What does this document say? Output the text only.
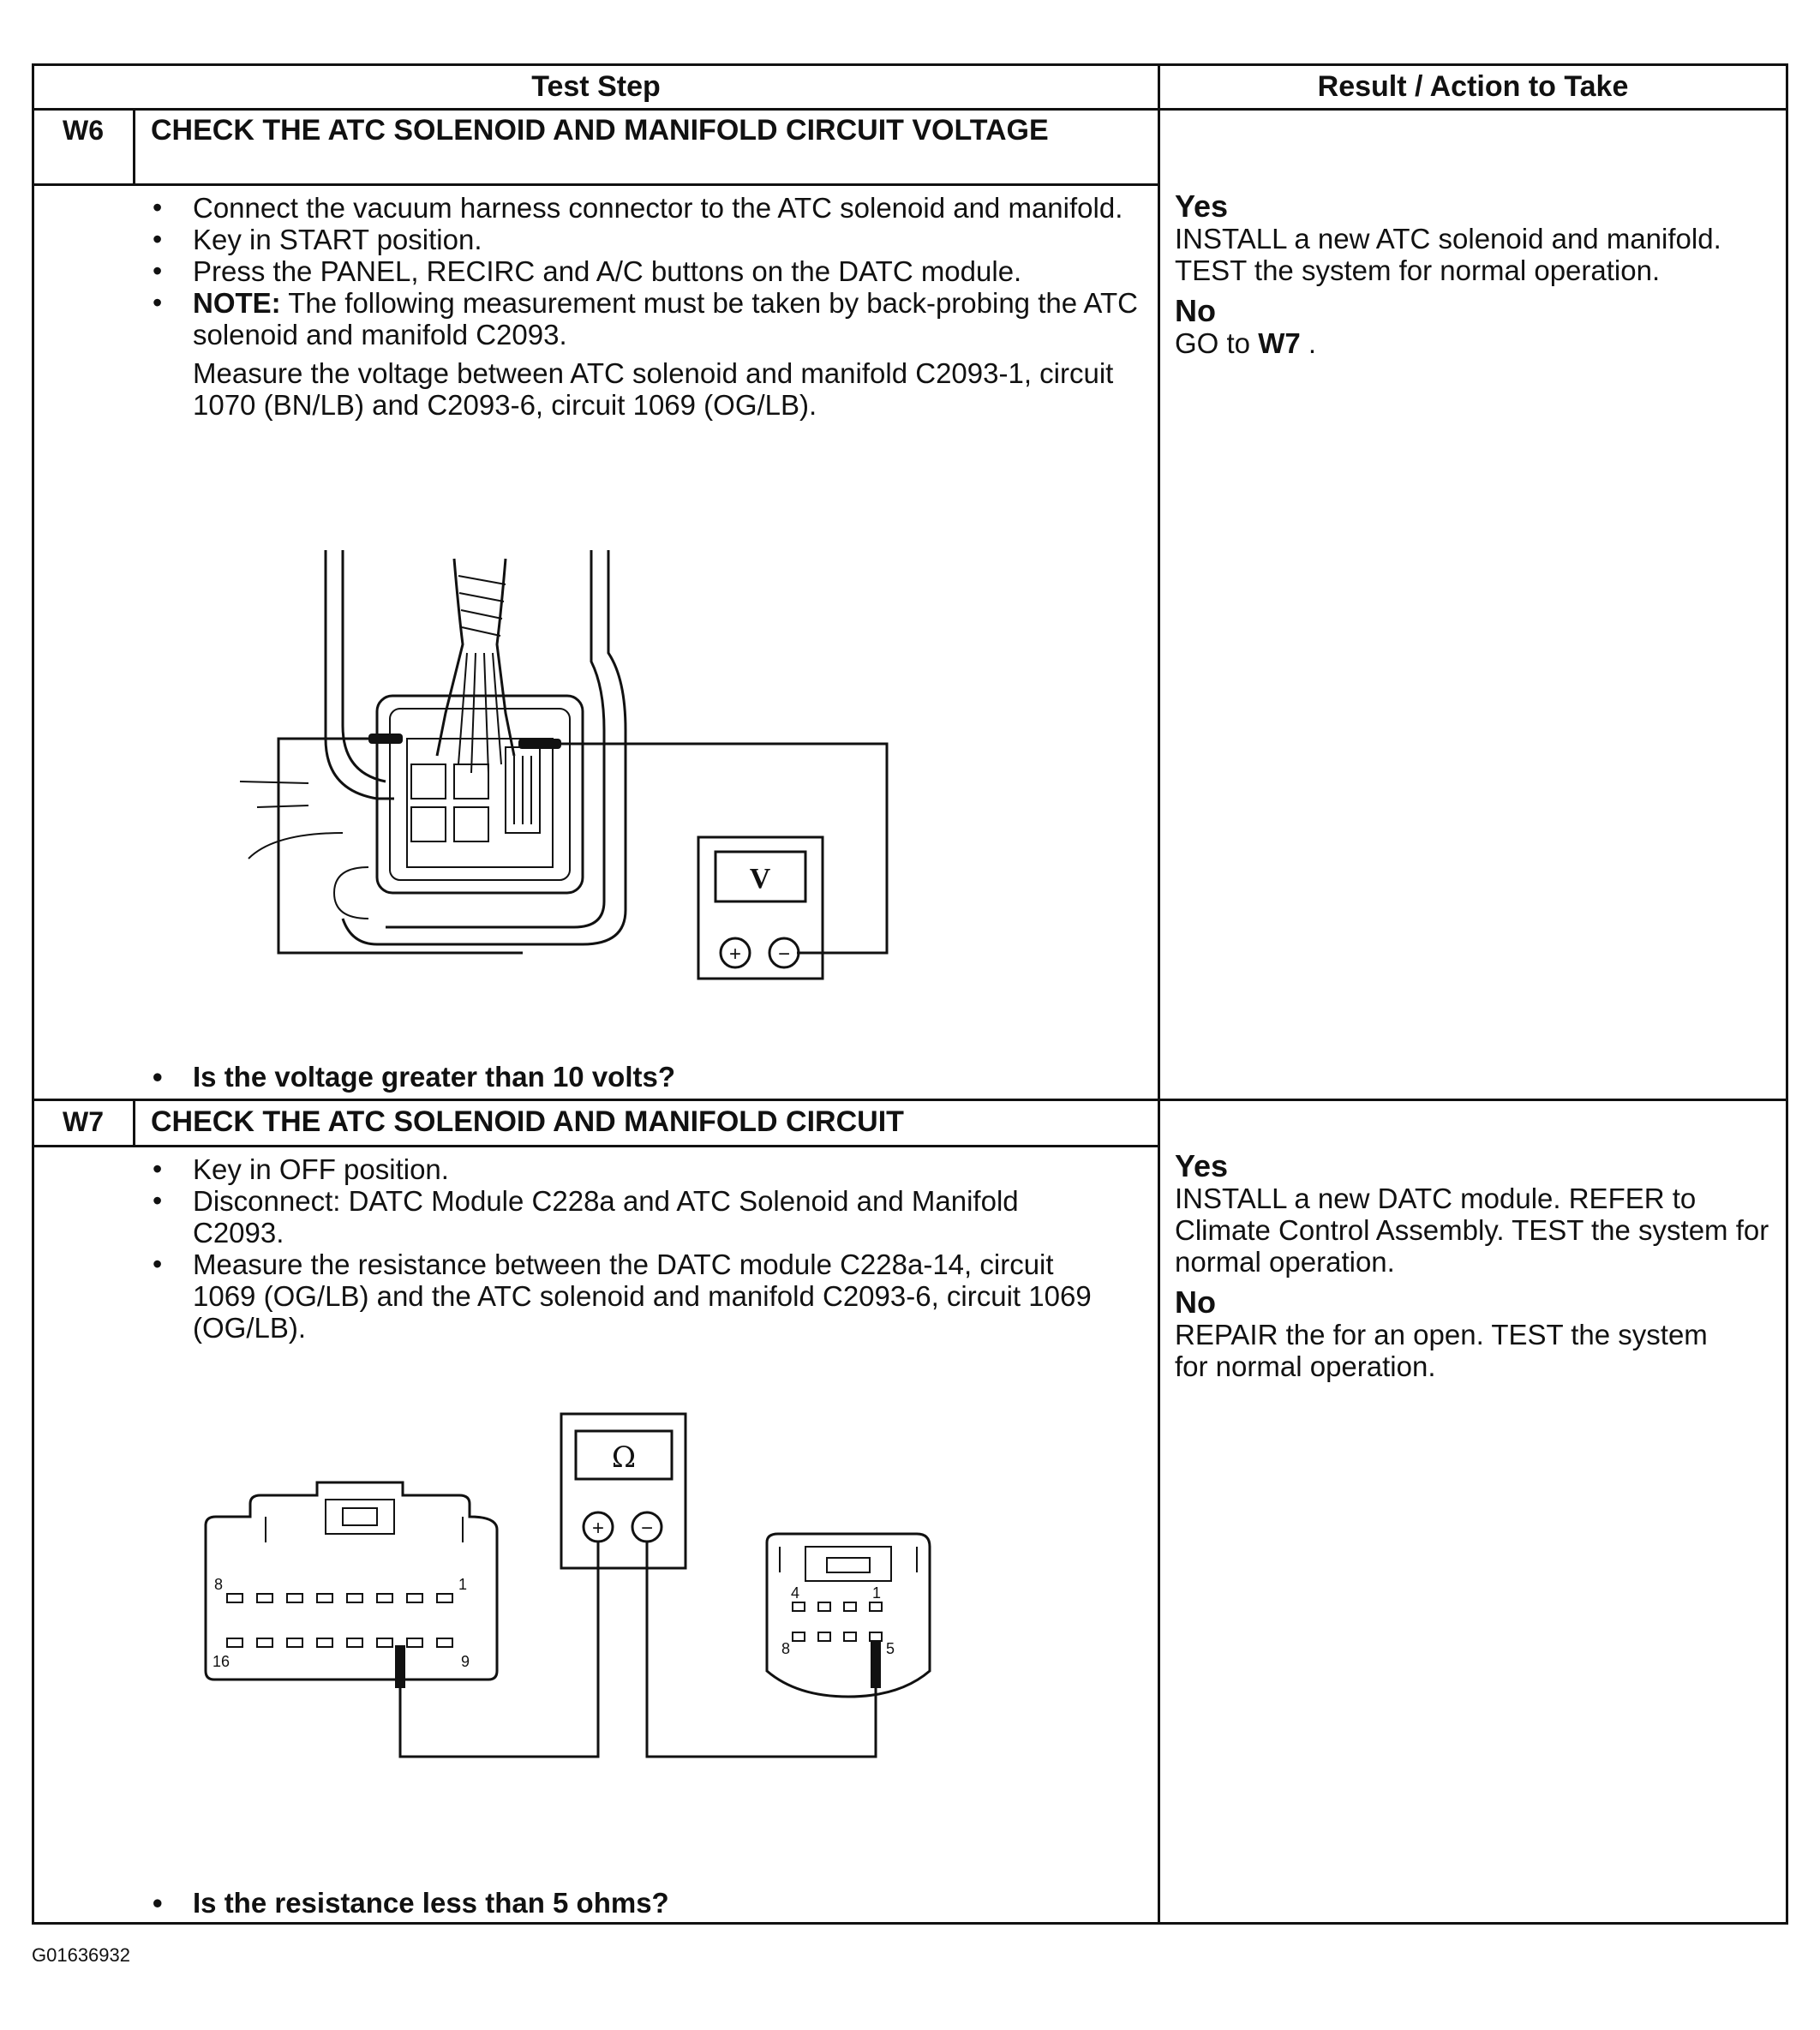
Test Step	Result / Action to Take
W6	CHECK THE ATC SOLENOID AND MANIFOLD CIRCUIT VOLTAGE
• Connect the vacuum harness connector to the ATC solenoid and manifold.
• Key in START position.
• Press the PANEL, RECIRC and A/C buttons on the DATC module.
• NOTE: The following measurement must be taken by back-probing the ATC solenoid and manifold C2093.
Measure the voltage between ATC solenoid and manifold C2093-1, circuit 1070 (BN/LB) and C2093-6, circuit 1069 (OG/LB).
V
+ −
• Is the voltage greater than 10 volts?
Yes

INSTALL a new ATC solenoid and manifold. TEST the system for normal operation.

No

GO to W7 .

W7	CHECK THE ATC SOLENOID AND MANIFOLD CIRCUIT
• Key in OFF position.
• Disconnect: DATC Module C228a and ATC Solenoid and Manifold C2093.
• Measure the resistance between the DATC module C228a-14, circuit 1069 (OG/LB) and the ATC solenoid and manifold C2093-6, circuit 1069 (OG/LB).
Ω
+ −
8	1
16	9
4	1
8	5
• Is the resistance less than 5 ohms?
Yes

INSTALL a new DATC module. REFER to Climate Control Assembly. TEST the system for normal operation.

No

REPAIR the for an open. TEST the system for normal operation.

G01636932
